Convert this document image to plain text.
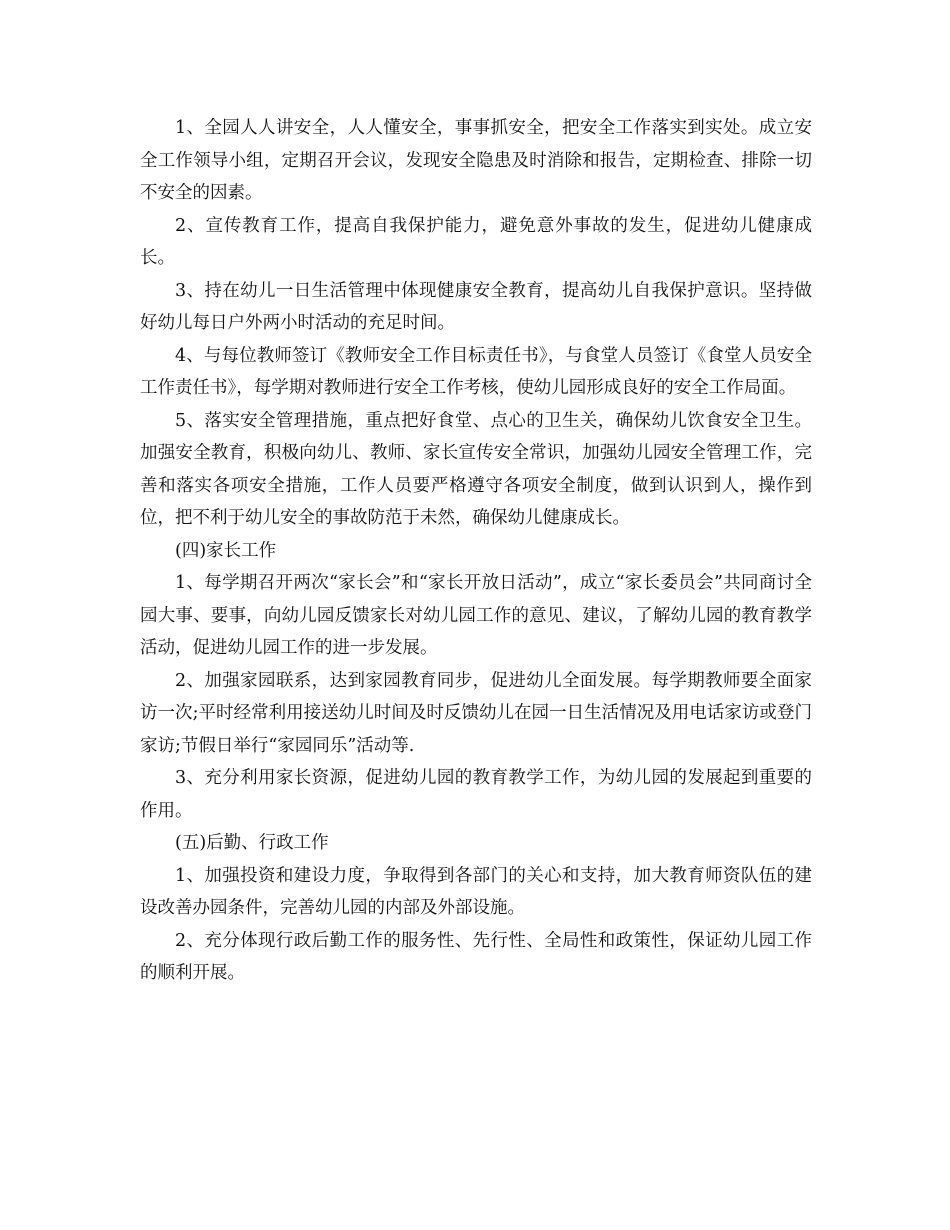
1、全园人人讲安全，人人懂安全，事事抓安全，把安全工作落实到实处。成立安全工作领导小组，定期召开会议，发现安全隐患及时消除和报告，定期检查、排除一切不安全的因素。

2、宣传教育工作，提高自我保护能力，避免意外事故的发生，促进幼儿健康成长。

3、持在幼儿一日生活管理中体现健康安全教育，提高幼儿自我保护意识。坚持做好幼儿每日户外两小时活动的充足时间。

4、与每位教师签订《教师安全工作目标责任书》，与食堂人员签订《食堂人员安全工作责任书》，每学期对教师进行安全工作考核，使幼儿园形成良好的安全工作局面。

5、落实安全管理措施，重点把好食堂、点心的卫生关，确保幼儿饮食安全卫生。加强安全教育，积极向幼儿、教师、家长宣传安全常识，加强幼儿园安全管理工作，完善和落实各项安全措施，工作人员要严格遵守各项安全制度，做到认识到人，操作到位，把不利于幼儿安全的事故防范于未然，确保幼儿健康成长。

(四)家长工作

1、每学期召开两次“家长会”和“家长开放日活动”，成立“家长委员会”共同商讨全园大事、要事，向幼儿园反馈家长对幼儿园工作的意见、建议，了解幼儿园的教育教学活动，促进幼儿园工作的进一步发展。

2、加强家园联系，达到家园教育同步，促进幼儿全面发展。每学期教师要全面家访一次;平时经常利用接送幼儿时间及时反馈幼儿在园一日生活情况及用电话家访或登门家访;节假日举行“家园同乐”活动等.

3、充分利用家长资源，促进幼儿园的教育教学工作，为幼儿园的发展起到重要的作用。

(五)后勤、行政工作

1、加强投资和建设力度，争取得到各部门的关心和支持，加大教育师资队伍的建设改善办园条件，完善幼儿园的内部及外部设施。

2、充分体现行政后勤工作的服务性、先行性、全局性和政策性，保证幼儿园工作的顺利开展。
